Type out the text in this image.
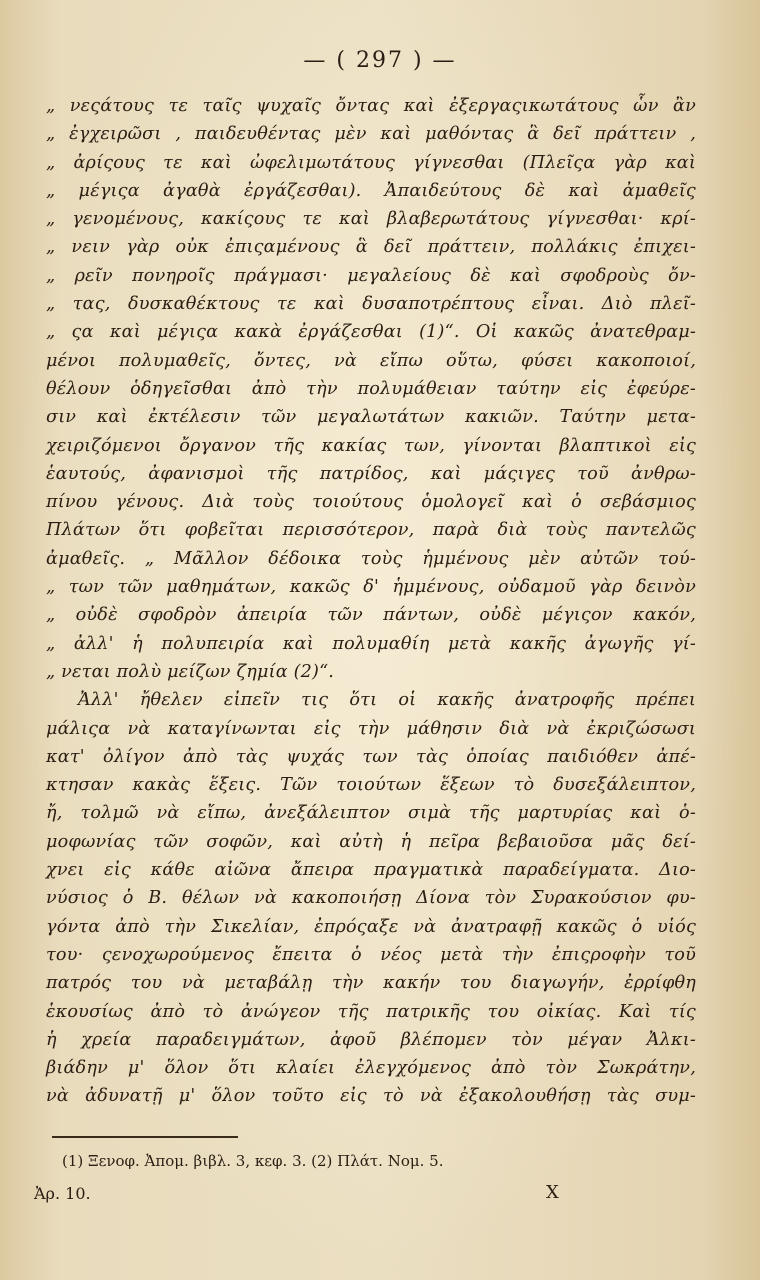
— ( 297 ) —
„ νεςάτους τε ταῖς ψυχαῖς ὄντας καὶ ἐξεργαςικωτάτους ὧν ἂν
„ ἐγχειρῶσι , παιδευθέντας μὲν καὶ μαθόντας ἃ δεῖ πράττειν ,
„ ἀρίςους τε καὶ ὠφελιμωτάτους γίγνεσθαι (Πλεῖςα γὰρ καὶ
„ μέγιςα ἀγαθὰ ἐργάζεσθαι). Ἀπαιδεύτους δὲ καὶ ἀμαθεῖς
„ γενομένους, κακίςους τε καὶ βλαβερωτάτους γίγνεσθαι· κρί-
„ νειν γὰρ οὐκ ἐπιςαμένους ἃ δεῖ πράττειν, πολλάκις ἐπιχει-
„ ρεῖν πονηροῖς πράγμασι· μεγαλείους δὲ καὶ σφοδροὺς ὄν-
„ τας, δυσκαθέκτους τε καὶ δυσαποτρέπτους εἶναι. Διὸ πλεῖ-
„ ςα καὶ μέγιςα κακὰ ἐργάζεσθαι (1)“. Οἱ κακῶς ἀνατεθραμ-
μένοι πολυμαθεῖς, ὄντες, νὰ εἴπω οὕτω, φύσει κακοποιοί,
θέλουν ὁδηγεῖσθαι ἀπὸ τὴν πολυμάθειαν ταύτην εἰς ἐφεύρε-
σιν καὶ ἐκτέλεσιν τῶν μεγαλωτάτων κακιῶν. Ταύτην μετα-
χειριζόμενοι ὄργανον τῆς κακίας των, γίνονται βλαπτικοὶ εἰς
ἑαυτούς, ἀφανισμοὶ τῆς πατρίδος, καὶ μάςιγες τοῦ ἀνθρω-
πίνου γένους. Διὰ τοὺς τοιούτους ὁμολογεῖ καὶ ὁ σεβάσμιος
Πλάτων ὅτι φοβεῖται περισσότερον, παρὰ διὰ τοὺς παντελῶς
ἀμαθεῖς. „ Μᾶλλον δέδοικα τοὺς ἡμμένους μὲν αὐτῶν τού-
„ των τῶν μαθημάτων, κακῶς δ' ἡμμένους, οὐδαμοῦ γὰρ δεινὸν
„ οὐδὲ σφοδρὸν ἀπειρία τῶν πάντων, οὐδὲ μέγιςον κακόν,
„ ἀλλ' ἡ πολυπειρία καὶ πολυμαθίη μετὰ κακῆς ἀγωγῆς γί-
„ νεται πολὺ μείζων ζημία (2)“.
Ἀλλ' ἤθελεν εἰπεῖν τις ὅτι οἱ κακῆς ἀνατροφῆς πρέπει
μάλιςα νὰ καταγίνωνται εἰς τὴν μάθησιν διὰ νὰ ἐκριζώσωσι
κατ' ὀλίγον ἀπὸ τὰς ψυχάς των τὰς ὁποίας παιδιόθεν ἀπέ-
κτησαν κακὰς ἕξεις. Τῶν τοιούτων ἕξεων τὸ δυσεξάλειπτον,
ἤ, τολμῶ νὰ εἴπω, ἀνεξάλειπτον σιμὰ τῆς μαρτυρίας καὶ ὁ-
μοφωνίας τῶν σοφῶν, καὶ αὐτὴ ἡ πεῖρα βεβαιοῦσα μᾶς δεί-
χνει εἰς κάθε αἰῶνα ἄπειρα πραγματικὰ παραδείγματα. Διο-
νύσιος ὁ Β. θέλων νὰ κακοποιήσῃ Δίονα τὸν Συρακούσιον φυ-
γόντα ἀπὸ τὴν Σικελίαν, ἐπρόςαξε νὰ ἀνατραφῇ κακῶς ὁ υἱός
του· ςενοχωρούμενος ἔπειτα ὁ νέος μετὰ τὴν ἐπιςροφὴν τοῦ
πατρός του νὰ μεταβάλῃ τὴν κακήν του διαγωγήν, ἐρρίφθη
ἑκουσίως ἀπὸ τὸ ἀνώγεον τῆς πατρικῆς του οἰκίας. Καὶ τίς
ἡ χρεία παραδειγμάτων, ἀφοῦ βλέπομεν τὸν μέγαν Ἀλκι-
βιάδην μ' ὅλον ὅτι κλαίει ἐλεγχόμενος ἀπὸ τὸν Σωκράτην,
νὰ ἀδυνατῇ μ' ὅλον τοῦτο εἰς τὸ νὰ ἐξακολουθήσῃ τὰς συμ-
(1) Ξενοφ. Ἀπομ. βιβλ. 3, κεφ. 3. (2) Πλάτ. Νομ. 5.
Ἀρ. 10.	X
